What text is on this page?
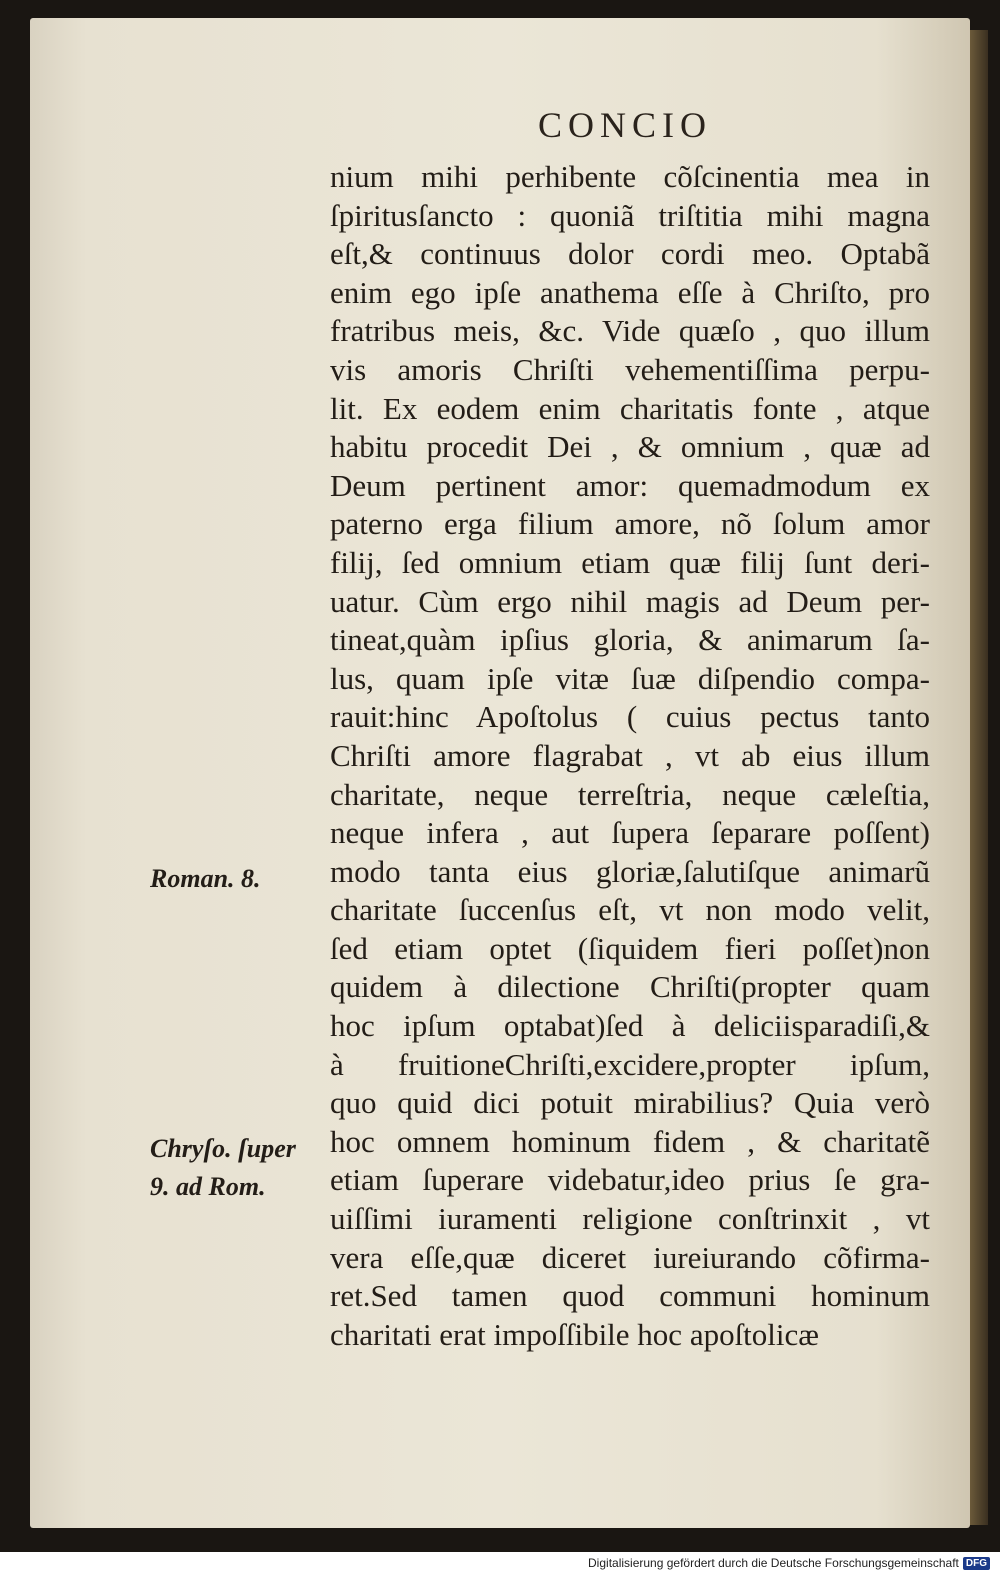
CONCIO
nium mihi perhibente cõſcinentia mea in
ſpiritusſancto : quoniã triſtitia mihi magna
eſt,& continuus dolor cordi meo. Optabã
enim ego ipſe anathema eſſe à Chriſto, pro
fratribus meis, &c. Vide quæſo , quo illum
vis amoris Chriſti vehementiſſima perpu-
lit. Ex eodem enim charitatis fonte , atque
habitu procedit Dei , & omnium , quæ ad
Deum pertinent amor: quemadmodum ex
paterno erga filium amore, nõ ſolum amor
filij, ſed omnium etiam quæ filij ſunt deri-
uatur. Cùm ergo nihil magis ad Deum per-
tineat,quàm ipſius gloria, & animarum ſa-
lus, quam ipſe vitæ ſuæ diſpendio compa-
rauit:hinc Apoſtolus ( cuius pectus tanto
Chriſti amore flagrabat , vt ab eius illum
charitate, neque terreſtria, neque cæleſtia,
neque infera , aut ſupera ſeparare poſſent)
modo tanta eius gloriæ,ſalutiſque animarũ
charitate ſuccenſus eſt, vt non modo velit,
ſed etiam optet (ſiquidem fieri poſſet)non
quidem à dilectione Chriſti(propter quam
hoc ipſum optabat)ſed à deliciisparadiſi,&
à fruitioneChriſti,excidere,propter ipſum,
quo quid dici potuit mirabilius? Quia verò
hoc omnem hominum fidem , & charitatẽ
etiam ſuperare videbatur,ideo prius ſe gra-
uiſſimi iuramenti religione conſtrinxit , vt
vera eſſe,quæ diceret iureiurando cõfirma-
ret.Sed tamen quod communi hominum
charitati erat impoſſibile hoc apoſtolicæ
Roman. 8.
Chryſo. ſuper
9. ad Rom.
Digitalisierung gefördert durch die Deutsche Forschungsgemeinschaft DFG
